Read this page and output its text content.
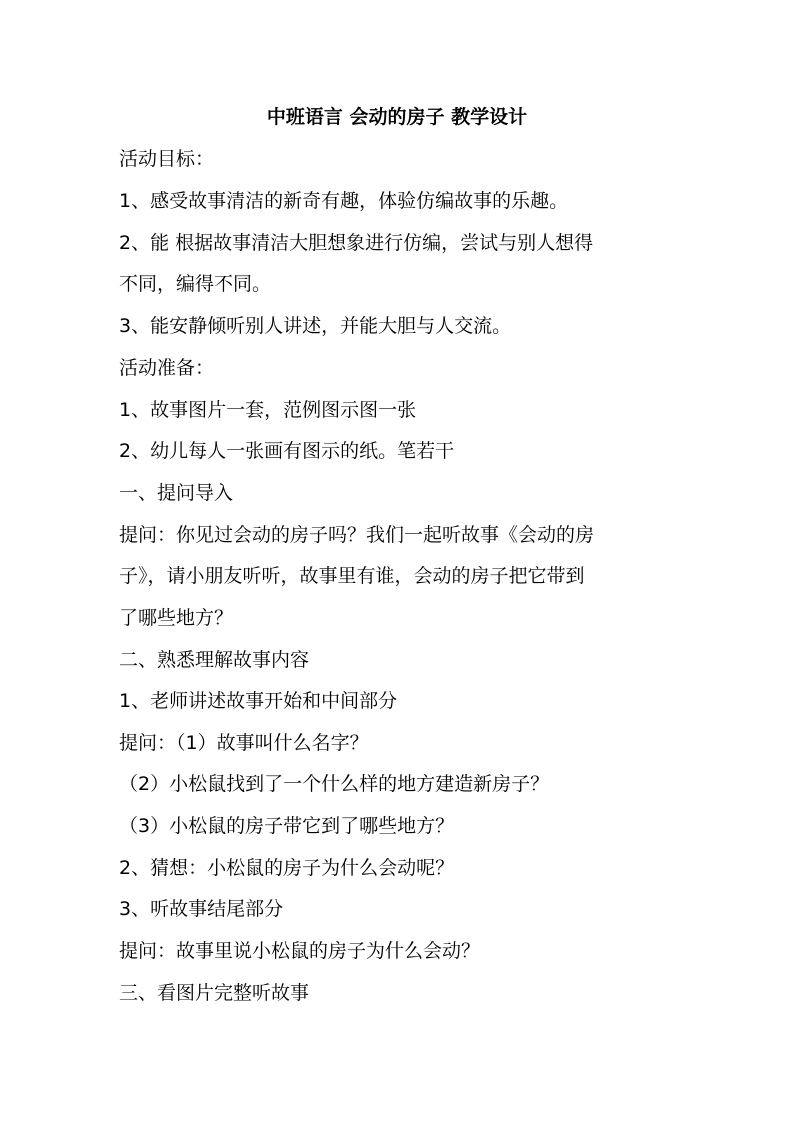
中班语言 会动的房子 教学设计
活动目标：
1、感受故事清洁的新奇有趣，体验仿编故事的乐趣。
2、能 根据故事清洁大胆想象进行仿编，尝试与别人想得
不同，编得不同。
3、能安静倾听别人讲述，并能大胆与人交流。
活动准备：
1、故事图片一套，范例图示图一张
2、幼儿每人一张画有图示的纸。笔若干
一、提问导入
提问：你见过会动的房子吗？我们一起听故事《会动的房
子》，请小朋友听听，故事里有谁，会动的房子把它带到
了哪些地方？
二、熟悉理解故事内容
1、老师讲述故事开始和中间部分
提问：（1）故事叫什么名字？
（2）小松鼠找到了一个什么样的地方建造新房子？
（3）小松鼠的房子带它到了哪些地方？
2、猜想：小松鼠的房子为什么会动呢？
3、听故事结尾部分
提问：故事里说小松鼠的房子为什么会动？
三、看图片完整听故事
